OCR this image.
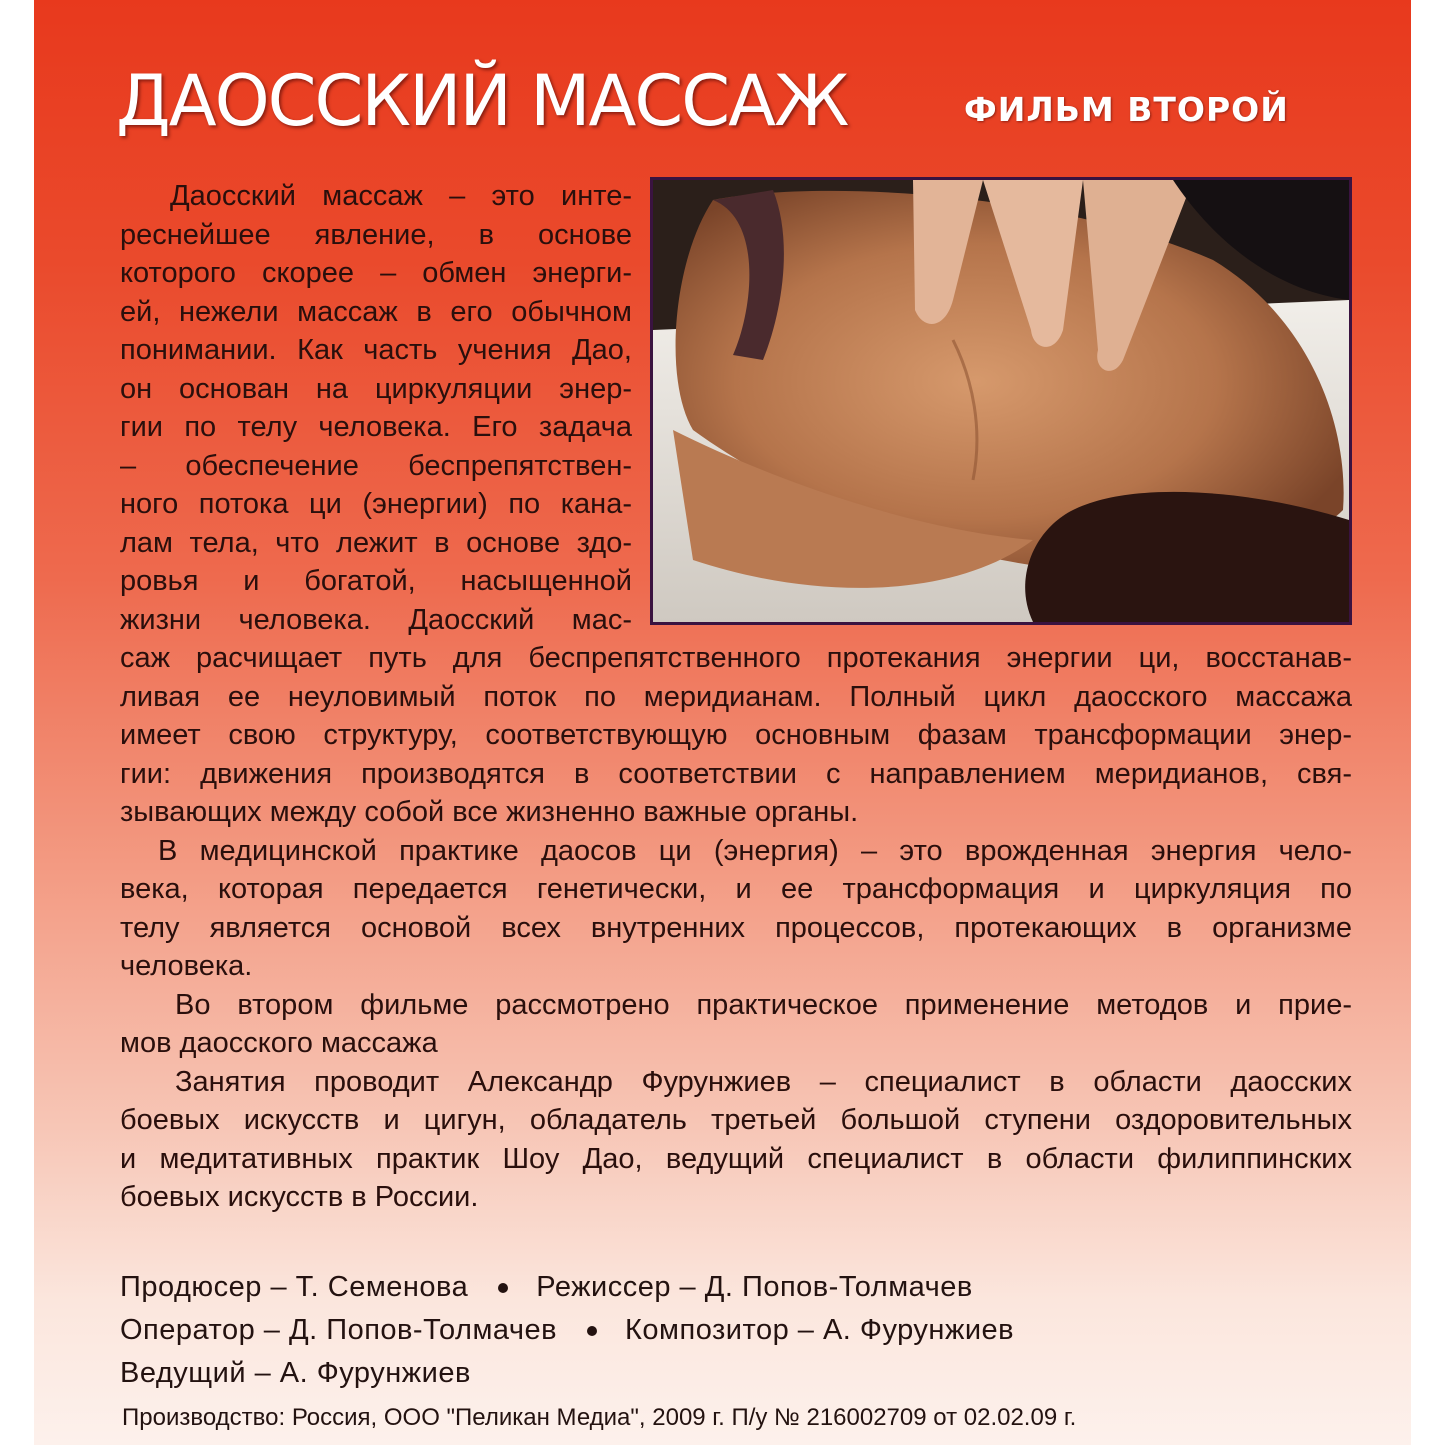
ДАОССКИЙ МАССАЖ	ФИЛЬМ ВТОРОЙ
Даосский массаж – это инте-
реснейшее явление, в основе
которого скорее – обмен энерги-
ей, нежели массаж в его обычном
понимании. Как часть учения Дао,
он основан на циркуляции энер-
гии по телу человека. Его задача
– обеспечение беспрепятствен-
ного потока ци (энергии) по кана-
лам тела, что лежит в основе здо-
ровья и богатой, насыщенной
жизни человека. Даосский мас-
саж расчищает путь для беспрепятственного протекания энергии ци, восстанав-
ливая ее неуловимый поток по меридианам. Полный цикл даосского массажа
имеет свою структуру, соответствующую основным фазам трансформации энер-
гии: движения производятся в соответствии с направлением меридианов, свя-
зывающих между собой все жизненно важные органы.
В медицинской практике даосов ци (энергия) – это врожденная энергия чело-
века, которая передается генетически, и ее трансформация и циркуляция по
телу является основой всех внутренних процессов, протекающих в организме
человека.
Во втором фильме рассмотрено практическое применение методов и прие-
мов даосского массажа
Занятия проводит Александр Фурунжиев – специалист в области даосских
боевых искусств и цигун, обладатель третьей большой ступени оздоровительных
и медитативных практик Шоу Дао, ведущий специалист в области филиппинских
боевых искусств в России.
Продюсер – Т. Семенова Режиссер – Д. Попов-Толмачев
Оператор – Д. Попов-Толмачев Композитор – А. Фурунжиев
Ведущий – А. Фурунжиев
Производство: Россия, ООО "Пеликан Медиа", 2009 г. П/у № 216002709 от 02.02.09 г.
